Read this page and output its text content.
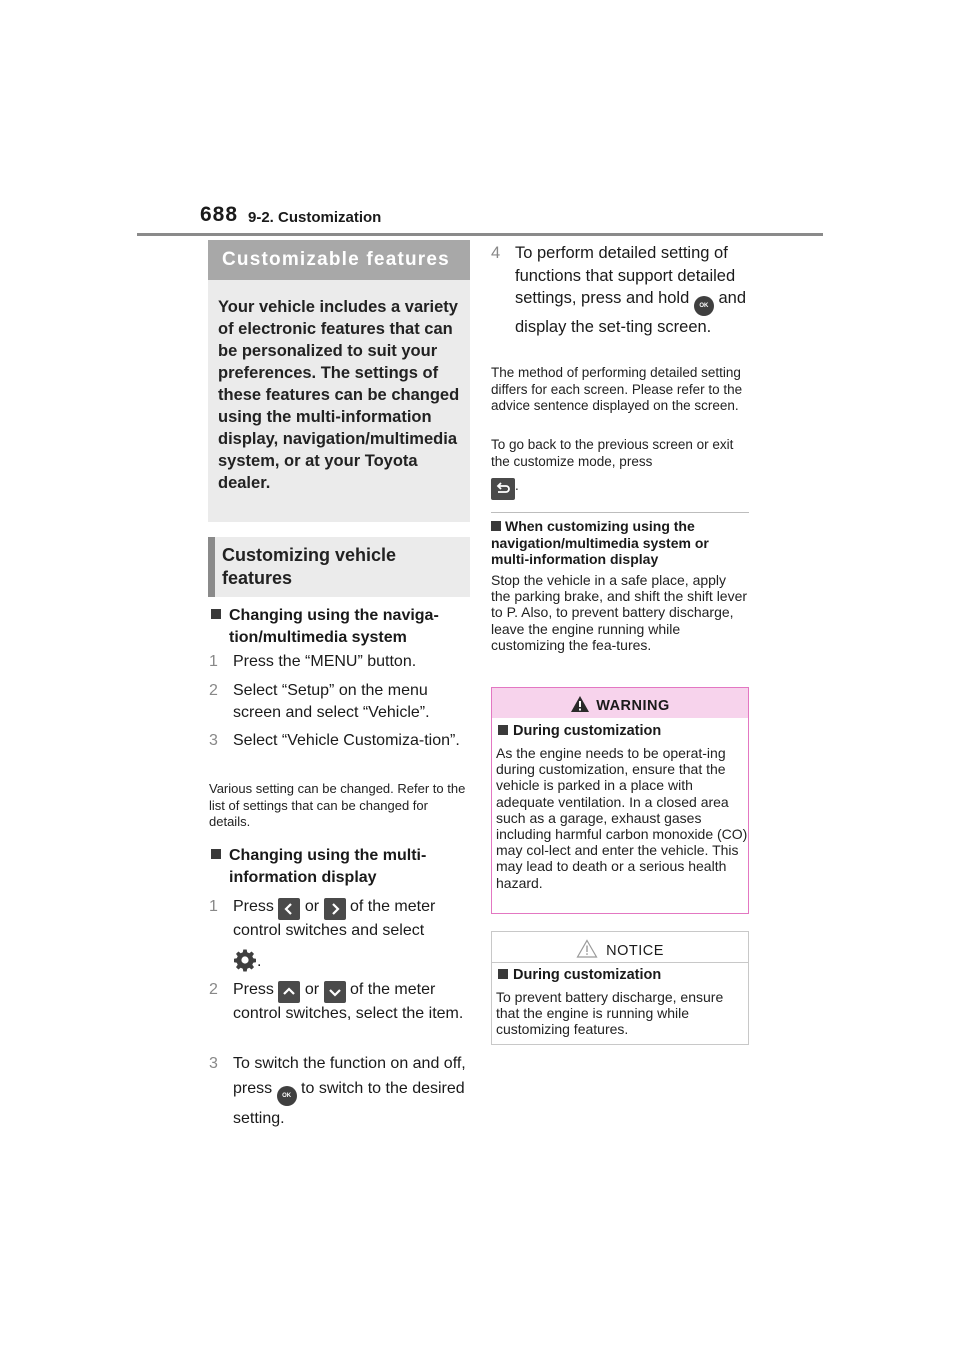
688 9-2. Customization
Customizable features
Your vehicle includes a variety of electronic features that can be personalized to suit your preferences. The settings of these features can be changed using the multi-information display, navigation/multimedia system, or at your Toyota dealer.
Customizing vehicle features
Changing using the naviga-
tion/multimedia system
1 Press the “MENU” button.
2 Select “Setup” on the menu screen and select “Vehicle”.
3 Select “Vehicle Customiza-tion”.
Various setting can be changed. Refer to the list of settings that can be changed for details.
Changing using the multi-
information display
1 Press or of the meter control switches and select
.
2 Press or of the meter control switches, select the item.
3 To switch the function on and off, press OK to switch to the desired setting.
4 To perform detailed setting of functions that support detailed settings, press and hold OK and display the set-ting screen.
The method of performing detailed setting differs for each screen. Please refer to the advice sentence displayed on the screen.
To go back to the previous screen or exit the customize mode, press
.
When customizing using the navigation/multimedia system or multi-information display
Stop the vehicle in a safe place, apply the parking brake, and shift the shift lever to P. Also, to prevent battery discharge, leave the engine running while customizing the fea-tures.
WARNING
During customization
As the engine needs to be operat-ing during customization, ensure that the vehicle is parked in a place with adequate ventilation. In a closed area such as a garage, exhaust gases including harmful carbon monoxide (CO) may col-lect and enter the vehicle. This may lead to death or a serious health hazard.
NOTICE
During customization
To prevent battery discharge, ensure that the engine is running while customizing features.
